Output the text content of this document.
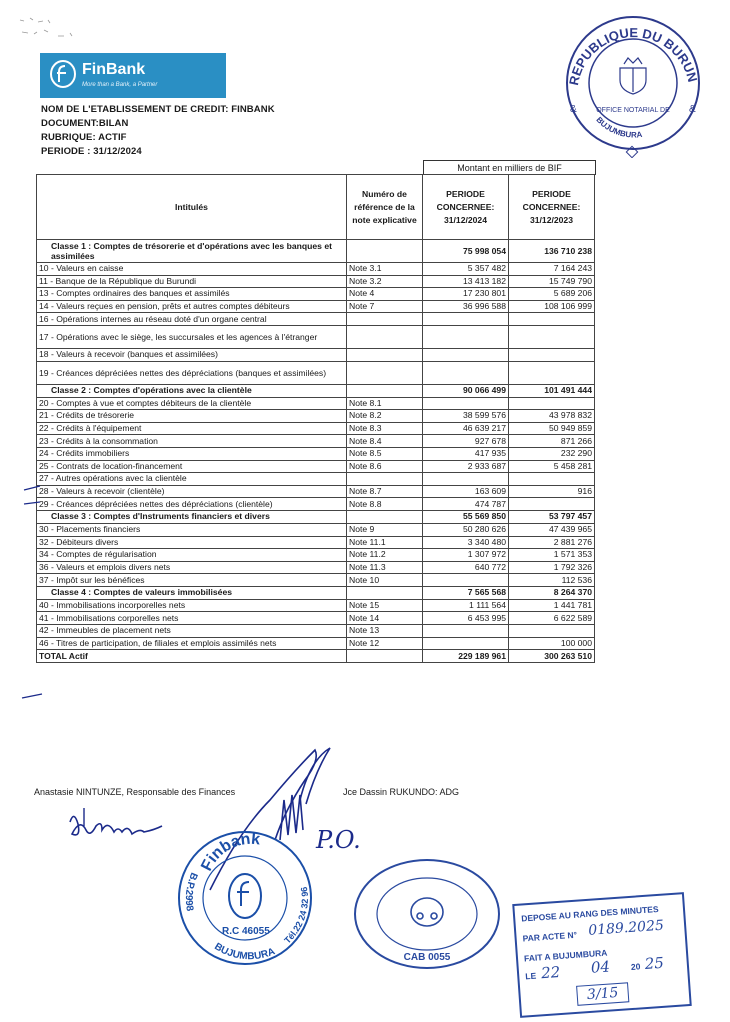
FinBank
More than a Bank, a Partner
NOM DE L'ETABLISSEMENT DE CREDIT: FINBANK
DOCUMENT:BILAN
RUBRIQUE: ACTIF
PERIODE : 31/12/2024
REPUBLIQUE DU BURUN
BUJUMBURA
OFFICE NOTARIAL DE
&	&
Montant en milliers de BIF
Intitulés	Numéro de référence de la note explicative	PERIODE CONCERNEE: 31/12/2024	PERIODE CONCERNEE: 31/12/2023
Classe 1 : Comptes de trésorerie et d'opérations avec les banques et assimilées		75 998 054	136 710 238
10 - Valeurs en caisse	Note 3.1	5 357 482	7 164 243
11 - Banque de la République du Burundi	Note 3.2	13 413 182	15 749 790
13 - Comptes ordinaires des banques et assimilés	Note 4	17 230 801	5 689 206
14 - Valeurs reçues en pension, prêts et autres comptes débiteurs	Note 7	36 996 588	108 106 999
16 - Opérations internes au réseau doté d'un organe central			
17 - Opérations avec le siège, les succursales et les agences à l'étranger			
18 - Valeurs à recevoir (banques et assimilées)			
19 - Créances dépréciées nettes des dépréciations (banques et assimilées)			
Classe 2 : Comptes d'opérations avec la clientèle		90 066 499	101 491 444
20 - Comptes à vue et comptes débiteurs de la clientèle	Note 8.1		
21 - Crédits de trésorerie	Note 8.2	38 599 576	43 978 832
22 - Crédits à l'équipement	Note 8.3	46 639 217	50 949 859
23 - Crédits à la consommation	Note 8.4	927 678	871 266
24 - Crédits immobiliers	Note 8.5	417 935	232 290
25 - Contrats de location-financement	Note 8.6	2 933 687	5 458 281
27 - Autres opérations avec la clientèle			
28 - Valeurs à recevoir (clientèle)	Note 8.7	163 609	916
29 - Créances dépréciées nettes des dépréciations (clientèle)	Note 8.8	474 787	
Classe 3 : Comptes d'Instruments financiers et divers		55 569 850	53 797 457
30 - Placements financiers	Note 9	50 280 626	47 439 965
32 - Débiteurs divers	Note 11.1	3 340 480	2 881 276
34 - Comptes de régularisation	Note 11.2	1 307 972	1 571 353
36 - Valeurs et emplois divers nets	Note 11.3	640 772	1 792 326
37 - Impôt sur les bénéfices	Note 10		112 536
Classe 4 : Comptes de valeurs immobilisées		7 565 568	8 264 370
40 - Immobilisations incorporelles nets	Note 15	1 111 564	1 441 781
41 - Immobilisations corporelles nets	Note 14	6 453 995	6 622 589
42 - Immeubles de placement nets	Note 13		
46 - Titres de participation, de filiales et emplois assimilés nets	Note 12		100 000
TOTAL Actif		229 189 961	300 263 510
Anastasie NINTUNZE, Responsable des Finances	Jce Dassin RUKUNDO: ADG
P.O.
Finbank
B.P.2998
BUJUMBURA
Tél.22 24 32 96
R.C 46055
CAB 0055
DEPOSE AU RANG DES MINUTES
PAR ACTE N° 0189.2025
FAIT A BUJUMBURA
LE 22 04 20 25
3/15
